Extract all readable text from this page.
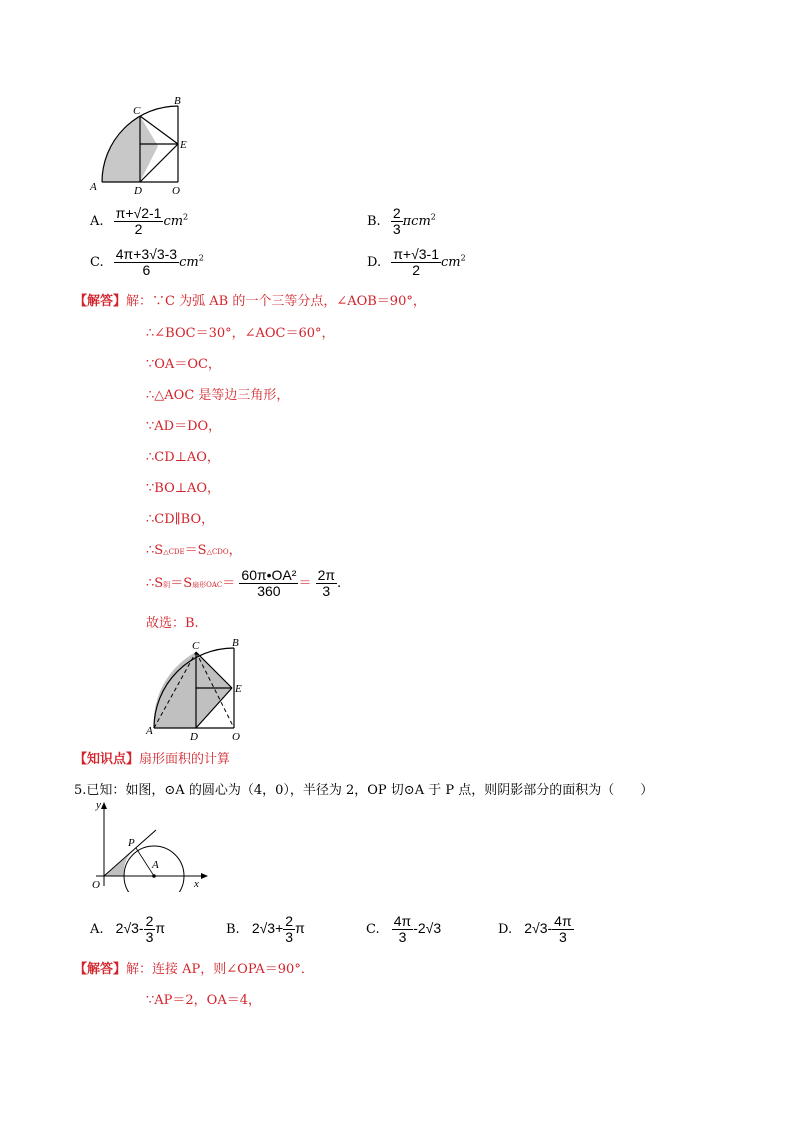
B
C
E
A	D	O
A. $\frac{\pi+√2-1}{2} cm^2$	B. $\frac{2}{3} \pi cm^2$
C. $\frac{4\pi+3√3-3}{6} cm^2$	D. $\frac{\pi+√3-1}{2} cm^2$
【解答】解：∵C 为弧 AB 的一个三等分点，∠AOB＝90°，
∴∠BOC＝30°，∠AOC＝60°，
∵OA＝OC，
∴△AOC 是等边三角形，
∵AD＝DO，
∴CD⊥AO，
∵BO⊥AO，
∴CD∥BO，
∴S△CDE＝S△CDO，
∴S阴＝S扇形$OAC= \frac{\text{60π•OA²}}{360} = \frac{2\pi}{3}$ .
故选：B.
B
C
E
A	D	O
【知识点】扇形面积的计算
5.已知：如图，⊙A 的圆心为（4，0），半径为 2，OP 切⊙A 于 P 点，则阴影部分的面积为（　　）
y
x
O
P
A
A. $2√3- \frac{2}{3}$ π	B. $2√3+ \frac{2}{3}$ π	C. $\frac{4\pi}{3} -2√3$	D. $2√3- \frac{4\pi}{3}$
【解答】解：连接 AP，则∠OPA＝90°．
∵AP＝2，OA＝4，
